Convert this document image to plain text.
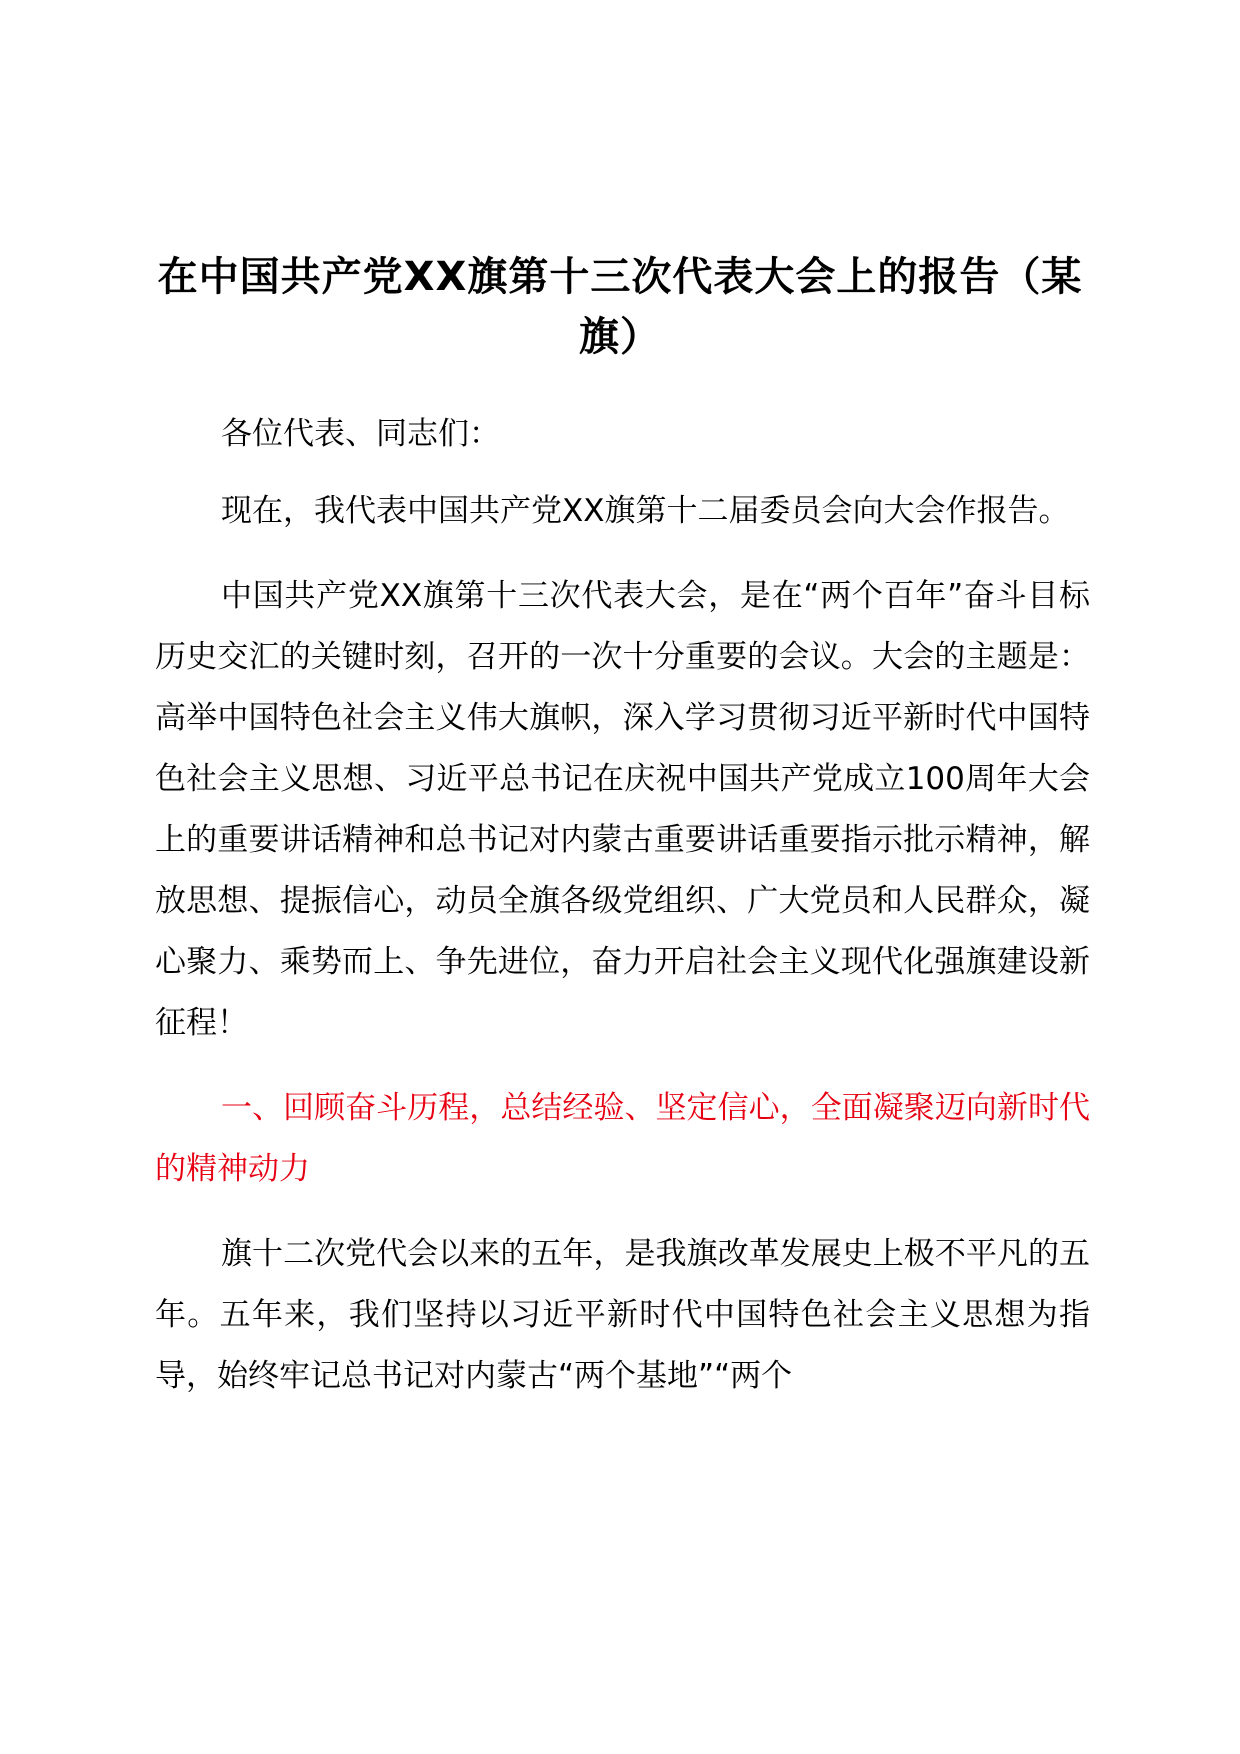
在中国共产党XX旗第十三次代表大会上的报告（某旗）

各位代表、同志们：

现在，我代表中国共产党XX旗第十二届委员会向大会作报告。

中国共产党XX旗第十三次代表大会，是在“两个百年”奋斗目标历史交汇的关键时刻，召开的一次十分重要的会议。大会的主题是：高举中国特色社会主义伟大旗帜，深入学习贯彻习近平新时代中国特色社会主义思想、习近平总书记在庆祝中国共产党成立100周年大会上的重要讲话精神和总书记对内蒙古重要讲话重要指示批示精神，解放思想、提振信心，动员全旗各级党组织、广大党员和人民群众，凝心聚力、乘势而上、争先进位，奋力开启社会主义现代化强旗建设新征程！

一、回顾奋斗历程，总结经验、坚定信心，全面凝聚迈向新时代的精神动力

旗十二次党代会以来的五年，是我旗改革发展史上极不平凡的五年。五年来，我们坚持以习近平新时代中国特色社会主义思想为指导，始终牢记总书记对内蒙古“两个基地”“两个
